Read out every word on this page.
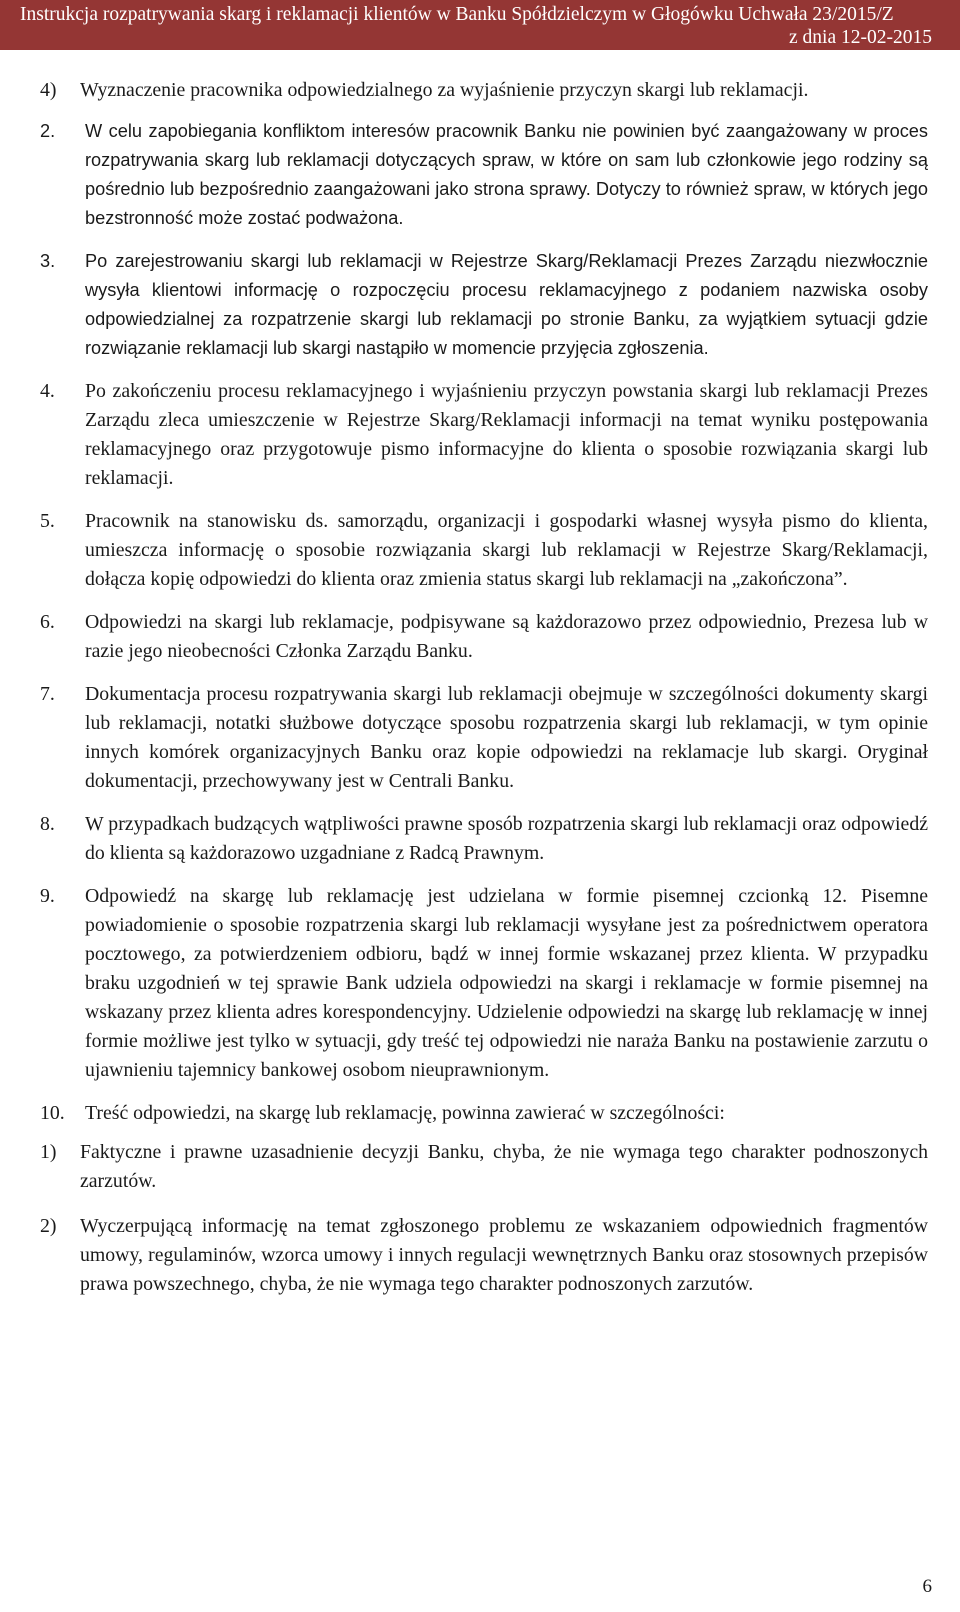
Instrukcja rozpatrywania skarg i reklamacji klientów w Banku Spółdzielczym w Głogówku Uchwała 23/2015/Z
z dnia 12-02-2015
4) Wyznaczenie pracownika odpowiedzialnego za wyjaśnienie przyczyn skargi lub reklamacji.
2. W celu zapobiegania konfliktom interesów pracownik Banku nie powinien być zaangażowany w proces rozpatrywania skarg lub reklamacji dotyczących spraw, w które on sam lub członkowie jego rodziny są pośrednio lub bezpośrednio zaangażowani jako strona sprawy. Dotyczy to również spraw, w których jego bezstronność może zostać podważona.
3. Po zarejestrowaniu skargi lub reklamacji w Rejestrze Skarg/Reklamacji Prezes Zarządu niezwłocznie wysyła klientowi informację o rozpoczęciu procesu reklamacyjnego z podaniem nazwiska osoby odpowiedzialnej za rozpatrzenie skargi lub reklamacji po stronie Banku, za wyjątkiem sytuacji gdzie rozwiązanie reklamacji lub skargi nastąpiło w momencie przyjęcia zgłoszenia.
4. Po zakończeniu procesu reklamacyjnego i wyjaśnieniu przyczyn powstania skargi lub reklamacji Prezes Zarządu zleca umieszczenie w Rejestrze Skarg/Reklamacji informacji na temat wyniku postępowania reklamacyjnego oraz przygotowuje pismo informacyjne do klienta o sposobie rozwiązania skargi lub reklamacji.
5. Pracownik na stanowisku ds. samorządu, organizacji i gospodarki własnej wysyła pismo do klienta, umieszcza informację o sposobie rozwiązania skargi lub reklamacji w Rejestrze Skarg/Reklamacji, dołącza kopię odpowiedzi do klienta oraz zmienia status skargi lub reklamacji na „zakończona”.
6. Odpowiedzi na skargi lub reklamacje, podpisywane są każdorazowo przez odpowiednio, Prezesa lub w razie jego nieobecności Członka Zarządu Banku.
7. Dokumentacja procesu rozpatrywania skargi lub reklamacji obejmuje w szczególności dokumenty skargi lub reklamacji, notatki służbowe dotyczące sposobu rozpatrzenia skargi lub reklamacji, w tym opinie innych komórek organizacyjnych Banku oraz kopie odpowiedzi na reklamacje lub skargi. Oryginał dokumentacji, przechowywany jest w Centrali Banku.
8. W przypadkach budzących wątpliwości prawne sposób rozpatrzenia skargi lub reklamacji oraz odpowiedź do klienta są każdorazowo uzgadniane z Radcą Prawnym.
9. Odpowiedź na skargę lub reklamację jest udzielana w formie pisemnej czcionką 12. Pisemne powiadomienie o sposobie rozpatrzenia skargi lub reklamacji wysyłane jest za pośrednictwem operatora pocztowego, za potwierdzeniem odbioru, bądź w innej formie wskazanej przez klienta. W przypadku braku uzgodnień w tej sprawie Bank udziela odpowiedzi na skargi i reklamacje w formie pisemnej na wskazany przez klienta adres korespondencyjny. Udzielenie odpowiedzi na skargę lub reklamację w innej formie możliwe jest tylko w sytuacji, gdy treść tej odpowiedzi nie naraża Banku na postawienie zarzutu o ujawnieniu tajemnicy bankowej osobom nieuprawnionym.
10. Treść odpowiedzi, na skargę lub reklamację, powinna zawierać w szczególności:
1) Faktyczne i prawne uzasadnienie decyzji Banku, chyba, że nie wymaga tego charakter podnoszonych zarzutów.
2) Wyczerpującą informację na temat zgłoszonego problemu ze wskazaniem odpowiednich fragmentów umowy, regulaminów, wzorca umowy i innych regulacji wewnętrznych Banku oraz stosownych przepisów prawa powszechnego, chyba, że nie wymaga tego charakter podnoszonych zarzutów.
6
